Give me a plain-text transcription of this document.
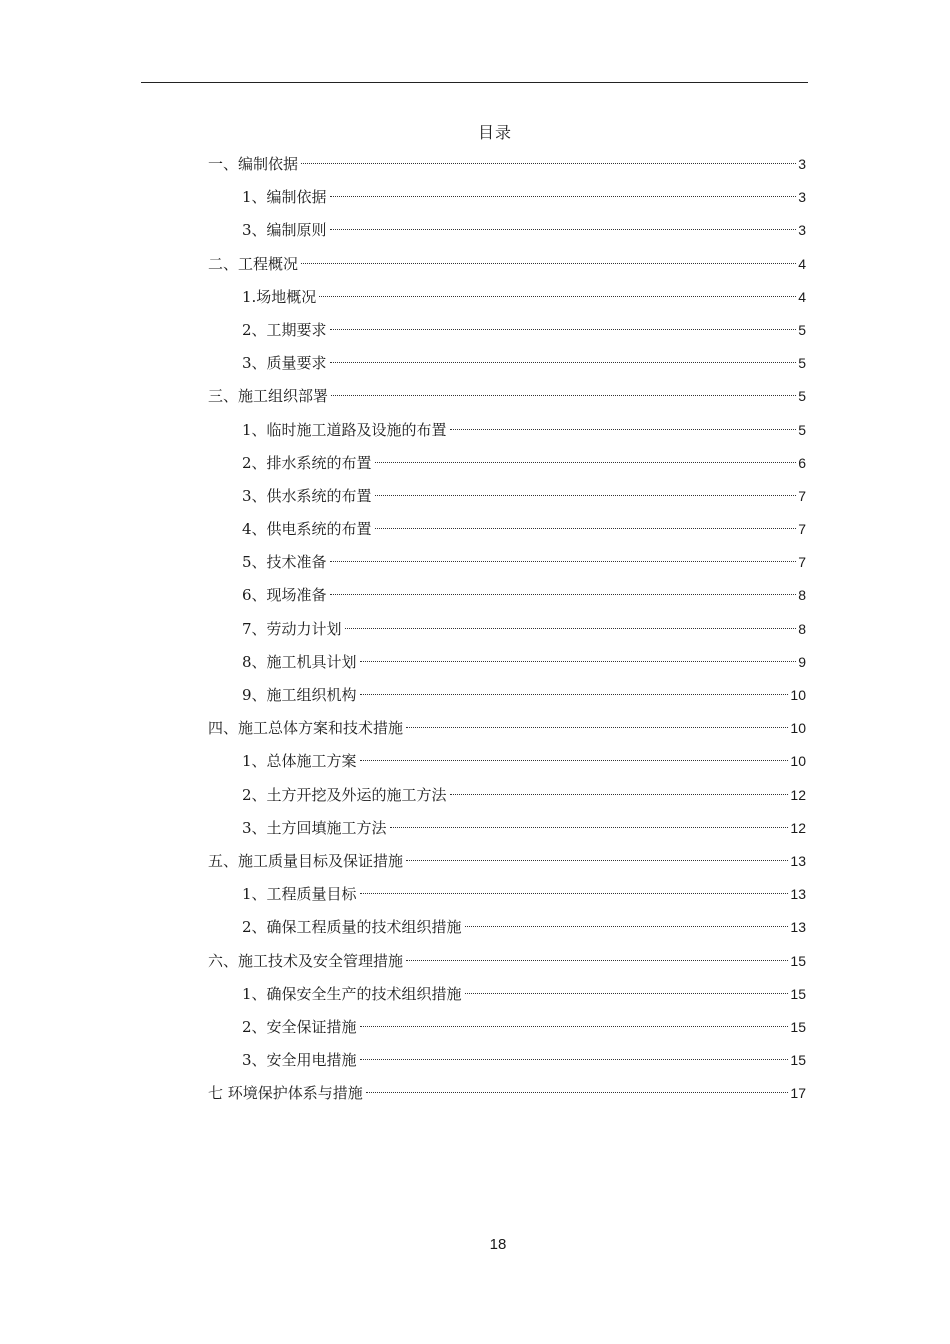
目录
一、编制依据	3
1、编制依据	3
3、编制原则	3
二、工程概况	4
1.场地概况	4
2、工期要求	5
3、质量要求	5
三、施工组织部署	5
1、临时施工道路及设施的布置	5
2、排水系统的布置	6
3、供水系统的布置	7
4、供电系统的布置	7
5、技术准备	7
6、现场准备	8
7、劳动力计划	8
8、施工机具计划	9
9、施工组织机构	10
四、施工总体方案和技术措施	10
1、总体施工方案	10
2、土方开挖及外运的施工方法	12
3、土方回填施工方法	12
五、施工质量目标及保证措施	13
1、工程质量目标	13
2、确保工程质量的技术组织措施	13
六、施工技术及安全管理措施	15
1、确保安全生产的技术组织措施	15
2、安全保证措施	15
3、安全用电措施	15
七 环境保护体系与措施	17
18
